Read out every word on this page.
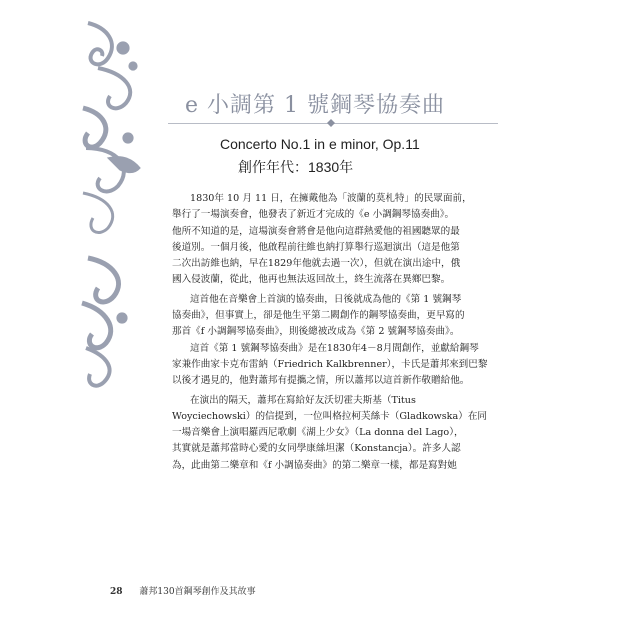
e 小調第 1 號鋼琴協奏曲
Concerto No.1 in e minor, Op.11
創作年代：1830年
1830年 10 月 11 日，在擁戴他為「波蘭的莫札特」的民眾面前，
舉行了一場演奏會，他發表了新近才完成的《e 小調鋼琴協奏曲》。
他所不知道的是，這場演奏會將會是他向這群熱愛他的祖國聽眾的最
後道別。一個月後，他啟程前往維也納打算舉行巡迴演出（這是他第
二次出訪維也納，早在1829年他就去過一次），但就在演出途中，俄
國入侵波蘭，從此，他再也無法返回故土，終生流落在異鄉巴黎。
這首他在音樂會上首演的協奏曲，日後就成為他的《第 1 號鋼琴
協奏曲》，但事實上，卻是他生平第二闕創作的鋼琴協奏曲，更早寫的
那首《f 小調鋼琴協奏曲》，則後總被改成為《第 2 號鋼琴協奏曲》。
這首《第 1 號鋼琴協奏曲》是在1830年4－8月間創作，並獻給鋼琴
家兼作曲家卡克布雷納（Friedrich Kalkbrenner），卡氏是蕭邦來到巴黎
以後才遇見的，他對蕭邦有提攜之情，所以蕭邦以這首新作敬贈給他。
在演出的隔天，蕭邦在寫給好友沃切霍夫斯基（Titus
Woyciechowski）的信提到，一位叫格拉柯芙絲卡（Gladkowska）在同
一場音樂會上演唱羅西尼歌劇《湖上少女》（La donna del Lago），
其實就是蕭邦當時心愛的女同學康絲坦潔（Konstancja）。許多人認
為，此曲第二樂章和《f 小調協奏曲》的第二樂章一樣，都是寫對她
28 蕭邦130首鋼琴創作及其故事
